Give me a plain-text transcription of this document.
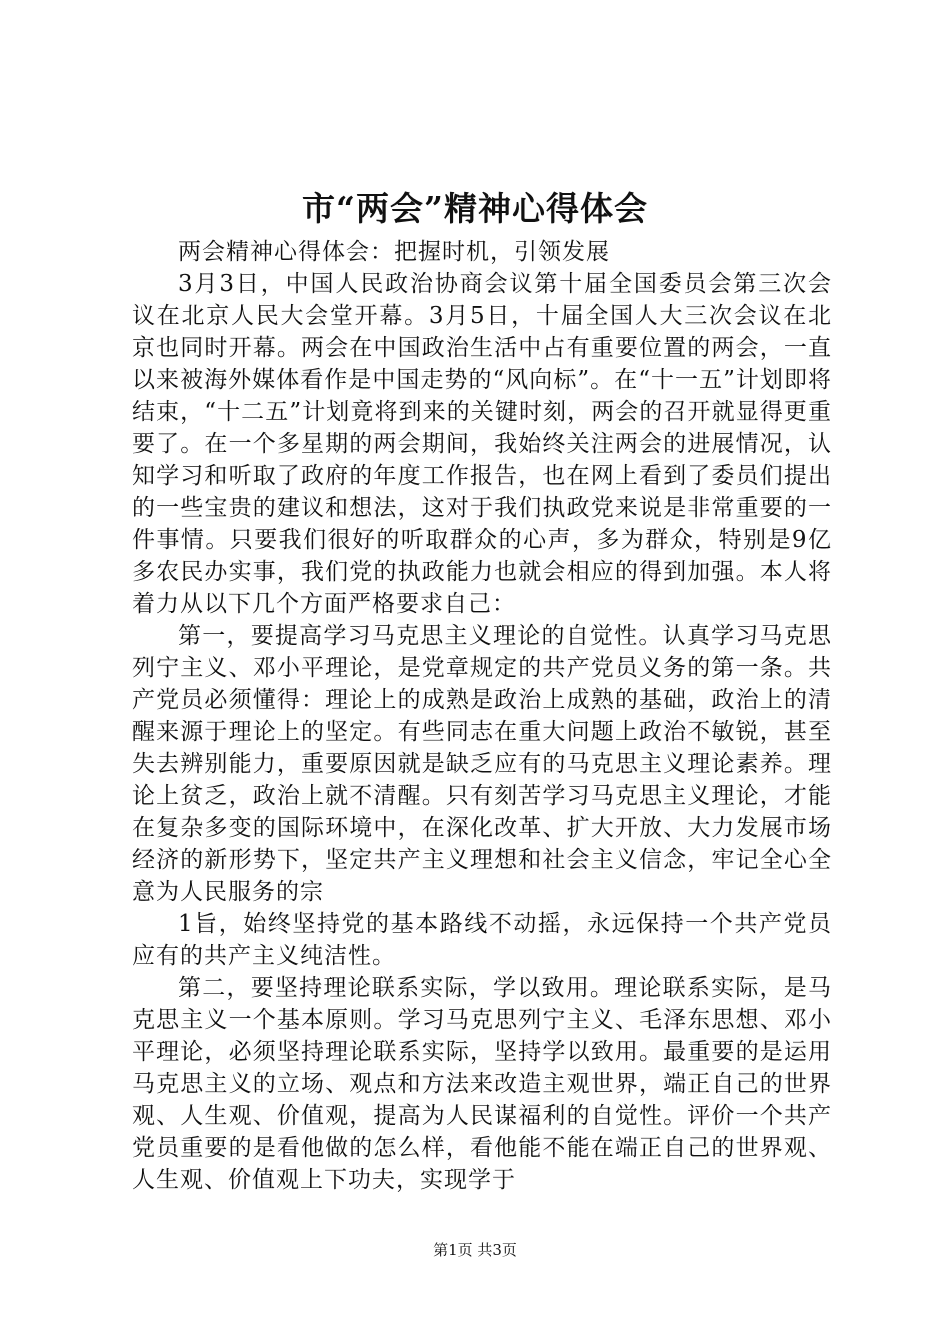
市“两会”精神心得体会

两会精神心得体会：把握时机，引领发展

3月3日，中国人民政治协商会议第十届全国委员会第三次会议在北京人民大会堂开幕。3月5日，十届全国人大三次会议在北京也同时开幕。两会在中国政治生活中占有重要位置的两会，一直以来被海外媒体看作是中国走势的“风向标”。在“十一五”计划即将结束，“十二五”计划竟将到来的关键时刻，两会的召开就显得更重要了。在一个多星期的两会期间，我始终关注两会的进展情况，认知学习和听取了政府的年度工作报告，也在网上看到了委员们提出的一些宝贵的建议和想法，这对于我们执政党来说是非常重要的一件事情。只要我们很好的听取群众的心声，多为群众，特别是9亿多农民办实事，我们党的执政能力也就会相应的得到加强。本人将着力从以下几个方面严格要求自己：

第一，要提高学习马克思主义理论的自觉性。认真学习马克思列宁主义、邓小平理论，是党章规定的共产党员义务的第一条。共产党员必须懂得：理论上的成熟是政治上成熟的基础，政治上的清醒来源于理论上的坚定。有些同志在重大问题上政治不敏锐，甚至失去辨别能力，重要原因就是缺乏应有的马克思主义理论素养。理论上贫乏，政治上就不清醒。只有刻苦学习马克思主义理论，才能在复杂多变的国际环境中，在深化改革、扩大开放、大力发展市场经济的新形势下，坚定共产主义理想和社会主义信念，牢记全心全意为人民服务的宗

1旨，始终坚持党的基本路线不动摇，永远保持一个共产党员应有的共产主义纯洁性。

第二，要坚持理论联系实际，学以致用。理论联系实际，是马克思主义一个基本原则。学习马克思列宁主义、毛泽东思想、邓小平理论，必须坚持理论联系实际，坚持学以致用。最重要的是运用马克思主义的立场、观点和方法来改造主观世界，端正自己的世界观、人生观、价值观，提高为人民谋福利的自觉性。评价一个共产党员重要的是看他做的怎么样，看他能不能在端正自己的世界观、人生观、价值观上下功夫，实现学于

第1页 共3页
